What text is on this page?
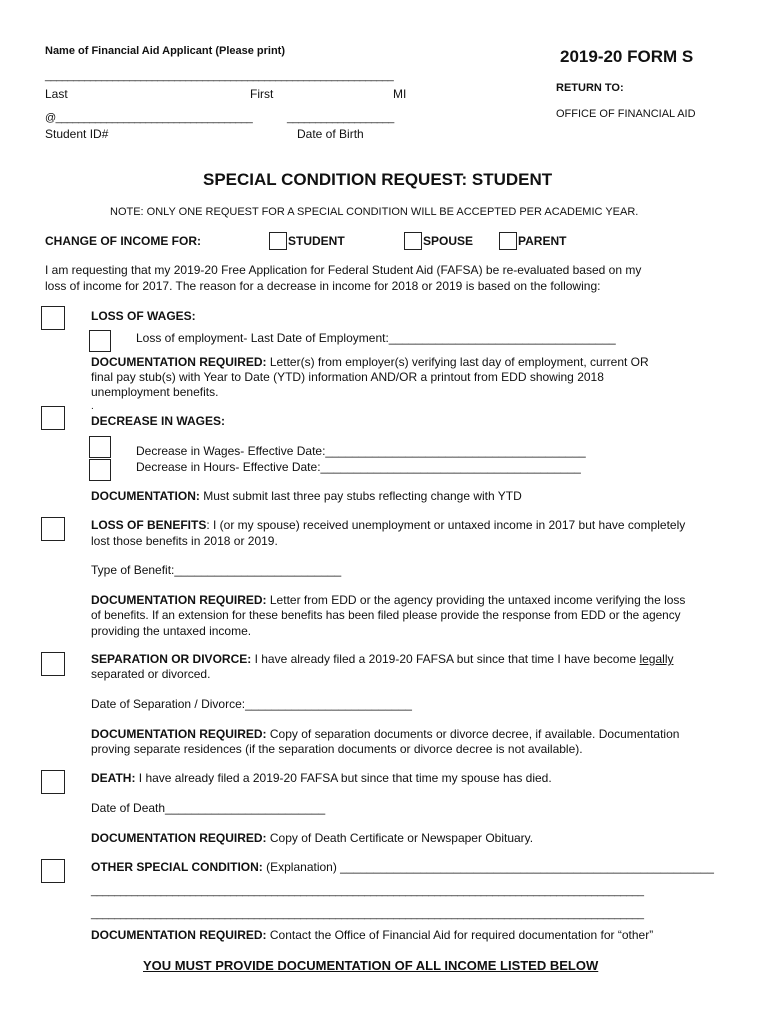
Name of Financial Aid Applicant (Please print)
______________________________________________________________
Last	First	MI
@___________________________________	___________________
Student ID#	Date of Birth
2019-20 FORM S
RETURN TO:
OFFICE OF FINANCIAL AID
SPECIAL CONDITION REQUEST: STUDENT
NOTE: ONLY ONE REQUEST FOR A SPECIAL CONDITION WILL BE ACCEPTED PER ACADEMIC YEAR.
CHANGE OF INCOME FOR:	STUDENT	SPOUSE	PARENT
I am requesting that my 2019-20 Free Application for Federal Student Aid (FAFSA) be re-evaluated based on my
loss of income for 2017. The reason for a decrease in income for 2018 or 2019 is based on the following:
LOSS OF WAGES:
Loss of employment- Last Date of Employment:__________________________________
DOCUMENTATION REQUIRED: Letter(s) from employer(s) verifying last day of employment, current OR
final pay stub(s) with Year to Date (YTD) information AND/OR a printout from EDD showing 2018
unemployment benefits.
.
DECREASE IN WAGES:
Decrease in Wages- Effective Date:_______________________________________
Decrease in Hours- Effective Date:_______________________________________
DOCUMENTATION: Must submit last three pay stubs reflecting change with YTD
LOSS OF BENEFITS: I (or my spouse) received unemployment or untaxed income in 2017 but have completely
lost those benefits in 2018 or 2019.
Type of Benefit:_________________________
DOCUMENTATION REQUIRED: Letter from EDD or the agency providing the untaxed income verifying the loss
of benefits. If an extension for these benefits has been filed please provide the response from EDD or the agency
providing the untaxed income.
SEPARATION OR DIVORCE: I have already filed a 2019-20 FAFSA but since that time I have become legally
separated or divorced.
Date of Separation / Divorce:_________________________
DOCUMENTATION REQUIRED: Copy of separation documents or divorce decree, if available. Documentation
proving separate residences (if the separation documents or divorce decree is not available).
DEATH: I have already filed a 2019-20 FAFSA but since that time my spouse has died.
Date of Death________________________
DOCUMENTATION REQUIRED: Copy of Death Certificate or Newspaper Obituary.
OTHER SPECIAL CONDITION: (Explanation) ________________________________________________________
_______________________________________________________________________________________________
_______________________________________________________________________________________________
DOCUMENTATION REQUIRED: Contact the Office of Financial Aid for required documentation for “other”
YOU MUST PROVIDE DOCUMENTATION OF ALL INCOME LISTED BELOW
